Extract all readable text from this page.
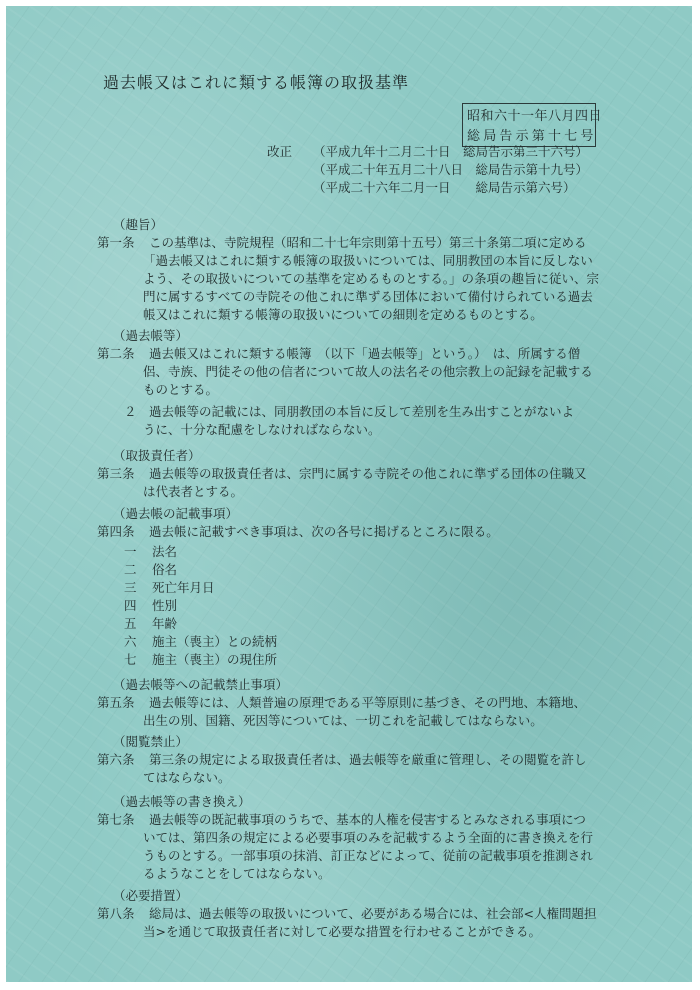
過去帳又はこれに類する帳簿の取扱基準
昭和六十一年八月四日
総局告示第十七号
改正 （平成九年十二月二十日　総局告示第三十六号）
（平成二十年五月二十八日　総局告示第十九号）
（平成二十六年二月一日　　総局告示第六号）
（趣旨）
第一条 この基準は、寺院規程（昭和二十七年宗則第十五号）第三十条第二項に定める
「過去帳又はこれに類する帳簿の取扱いについては、同朋教団の本旨に反しない
よう、その取扱いについての基準を定めるものとする。」の条項の趣旨に従い、宗
門に属するすべての寺院その他これに準ずる団体において備付けられている過去
帳又はこれに類する帳簿の取扱いについての細則を定めるものとする。
（過去帳等）
第二条 過去帳又はこれに類する帳簿　（以下「過去帳等」という。）　は、所属する僧
侶、寺族、門徒その他の信者について故人の法名その他宗教上の記録を記載する
ものとする。
２　過去帳等の記載には、同朋教団の本旨に反して差別を生み出すことがないよ
うに、十分な配慮をしなければならない。
（取扱責任者）
第三条 過去帳等の取扱責任者は、宗門に属する寺院その他これに準ずる団体の住職又
は代表者とする。
（過去帳の記載事項）
第四条 過去帳に記載すべき事項は、次の各号に掲げるところに限る。
一 法名
二 俗名
三 死亡年月日
四 性別
五 年齢
六 施主（喪主）との続柄
七 施主（喪主）の現住所
（過去帳等への記載禁止事項）
第五条 過去帳等には、人類普遍の原理である平等原則に基づき、その門地、本籍地、
出生の別、国籍、死因等については、一切これを記載してはならない。
（閲覧禁止）
第六条 第三条の規定による取扱責任者は、過去帳等を厳重に管理し、その閲覧を許し
てはならない。
（過去帳等の書き換え）
第七条 過去帳等の既記載事項のうちで、基本的人権を侵害するとみなされる事項につ
いては、第四条の規定による必要事項のみを記載するよう全面的に書き換えを行
うものとする。一部事項の抹消、訂正などによって、従前の記載事項を推測され
るようなことをしてはならない。
（必要措置）
第八条 総局は、過去帳等の取扱いについて、必要がある場合には、社会部<人権問題担
当>を通じて取扱責任者に対して必要な措置を行わせることができる。
